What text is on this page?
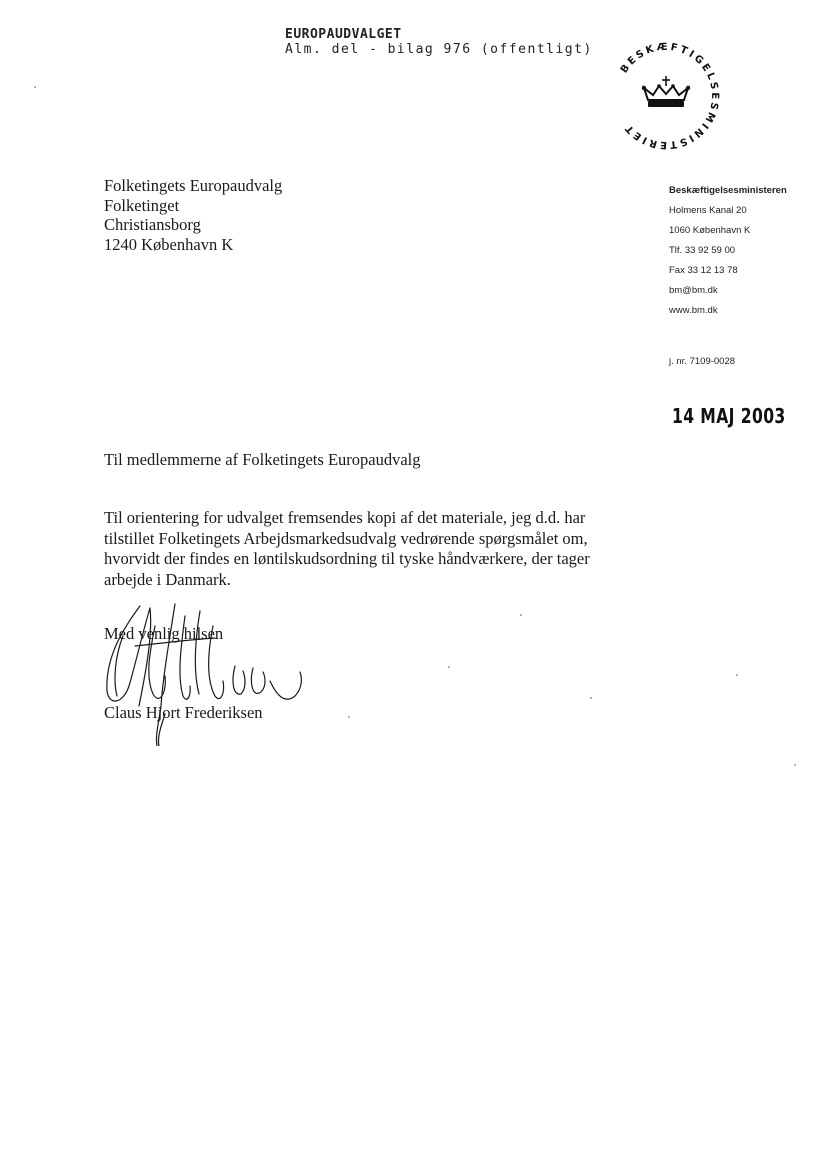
EUROPAUDVALGET
Alm. del - bilag 976 (offentligt)
BESKÆFTIGELSESMINISTERIET
Folketingets Europaudvalg
Folketinget
Christiansborg
1240 København K
Beskæftigelsesministeren
Holmens Kanal 20
1060 København K
Tlf. 33 92 59 00
Fax 33 12 13 78
bm@bm.dk
www.bm.dk
j. nr. 7109-0028
14 MAJ 2003
Til medlemmerne af Folketingets Europaudvalg
Til orientering for udvalget fremsendes kopi af det materiale, jeg d.d. har tilstillet Folketingets Arbejdsmarkedsudvalg vedrørende spørgsmålet om, hvorvidt der findes en løntilskudsordning til tyske håndværkere, der tager arbejde i Danmark.
Med venlig hilsen
Claus Hjort Frederiksen
